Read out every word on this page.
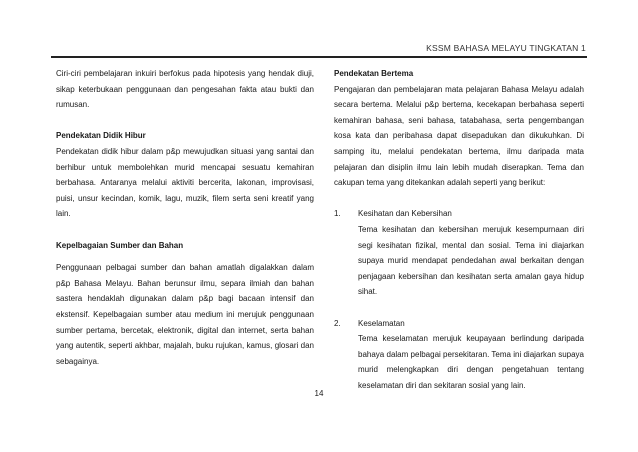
KSSM BAHASA MELAYU TINGKATAN 1

Ciri-ciri pembelajaran inkuiri berfokus pada hipotesis yang hendak diuji, sikap keterbukaan penggunaan dan pengesahan fakta atau bukti dan rumusan.

Pendekatan Didik Hibur

Pendekatan didik hibur dalam p&p mewujudkan situasi yang santai dan berhibur untuk membolehkan murid mencapai sesuatu kemahiran berbahasa. Antaranya melalui aktiviti bercerita, lakonan, improvisasi, puisi, unsur kecindan, komik, lagu, muzik, filem serta seni kreatif yang lain.

Kepelbagaian Sumber dan Bahan

Penggunaan pelbagai sumber dan bahan amatlah digalakkan dalam p&p Bahasa Melayu. Bahan berunsur ilmu, separa ilmiah dan bahan sastera hendaklah digunakan dalam p&p bagi bacaan intensif dan ekstensif. Kepelbagaian sumber atau medium ini merujuk penggunaan sumber pertama, bercetak, elektronik, digital dan internet, serta bahan yang autentik, seperti akhbar, majalah, buku rujukan, kamus, glosari dan sebagainya.

Pendekatan Bertema

Pengajaran dan pembelajaran mata pelajaran Bahasa Melayu adalah secara bertema. Melalui p&p bertema, kecekapan berbahasa seperti kemahiran bahasa, seni bahasa, tatabahasa, serta pengembangan kosa kata dan peribahasa dapat disepadukan dan dikukuhkan. Di samping itu, melalui pendekatan bertema, ilmu daripada mata pelajaran dan disiplin ilmu lain lebih mudah diserapkan. Tema dan cakupan tema yang ditekankan adalah seperti yang berikut:

1.	Kesihatan dan Kebersihan

Tema kesihatan dan kebersihan merujuk kesempurnaan diri segi kesihatan fizikal, mental dan sosial. Tema ini diajarkan supaya murid mendapat pendedahan awal berkaitan dengan penjagaan kebersihan dan kesihatan serta amalan gaya hidup sihat.

2.	Keselamatan

Tema keselamatan merujuk keupayaan berlindung daripada bahaya dalam pelbagai persekitaran. Tema ini diajarkan supaya murid melengkapkan diri dengan pengetahuan tentang keselamatan diri dan sekitaran sosial yang lain.

14
